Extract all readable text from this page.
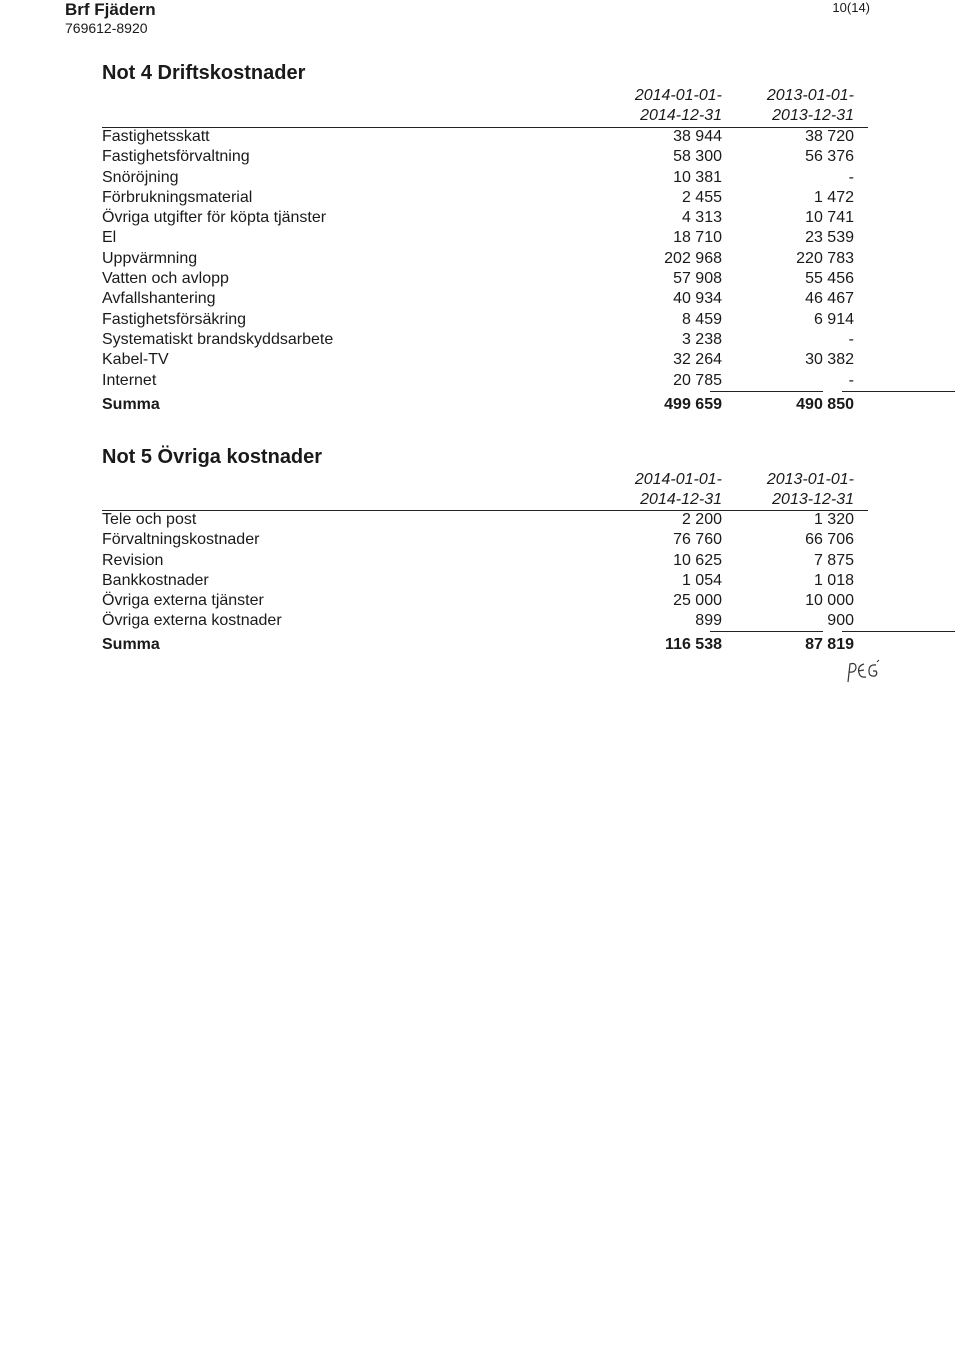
Brf Fjädern
769612-8920
10(14)
Not 4 Driftskostnader
2014-01-01-
2014-12-31
2013-01-01-
2013-12-31
Fastighetsskatt	38 944	38 720
Fastighetsförvaltning	58 300	56 376
Snöröjning	10 381	-
Förbrukningsmaterial	2 455	1 472
Övriga utgifter för köpta tjänster	4 313	10 741
El	18 710	23 539
Uppvärmning	202 968	220 783
Vatten och avlopp	57 908	55 456
Avfallshantering	40 934	46 467
Fastighetsförsäkring	8 459	6 914
Systematiskt brandskyddsarbete	3 238	-
Kabel-TV	32 264	30 382
Internet	20 785	-
Summa	499 659	490 850
Not 5 Övriga kostnader
2014-01-01-
2014-12-31
2013-01-01-
2013-12-31
Tele och post	2 200	1 320
Förvaltningskostnader	76 760	66 706
Revision	10 625	7 875
Bankkostnader	1 054	1 018
Övriga externa tjänster	25 000	10 000
Övriga externa kostnader	899	900
Summa	116 538	87 819
